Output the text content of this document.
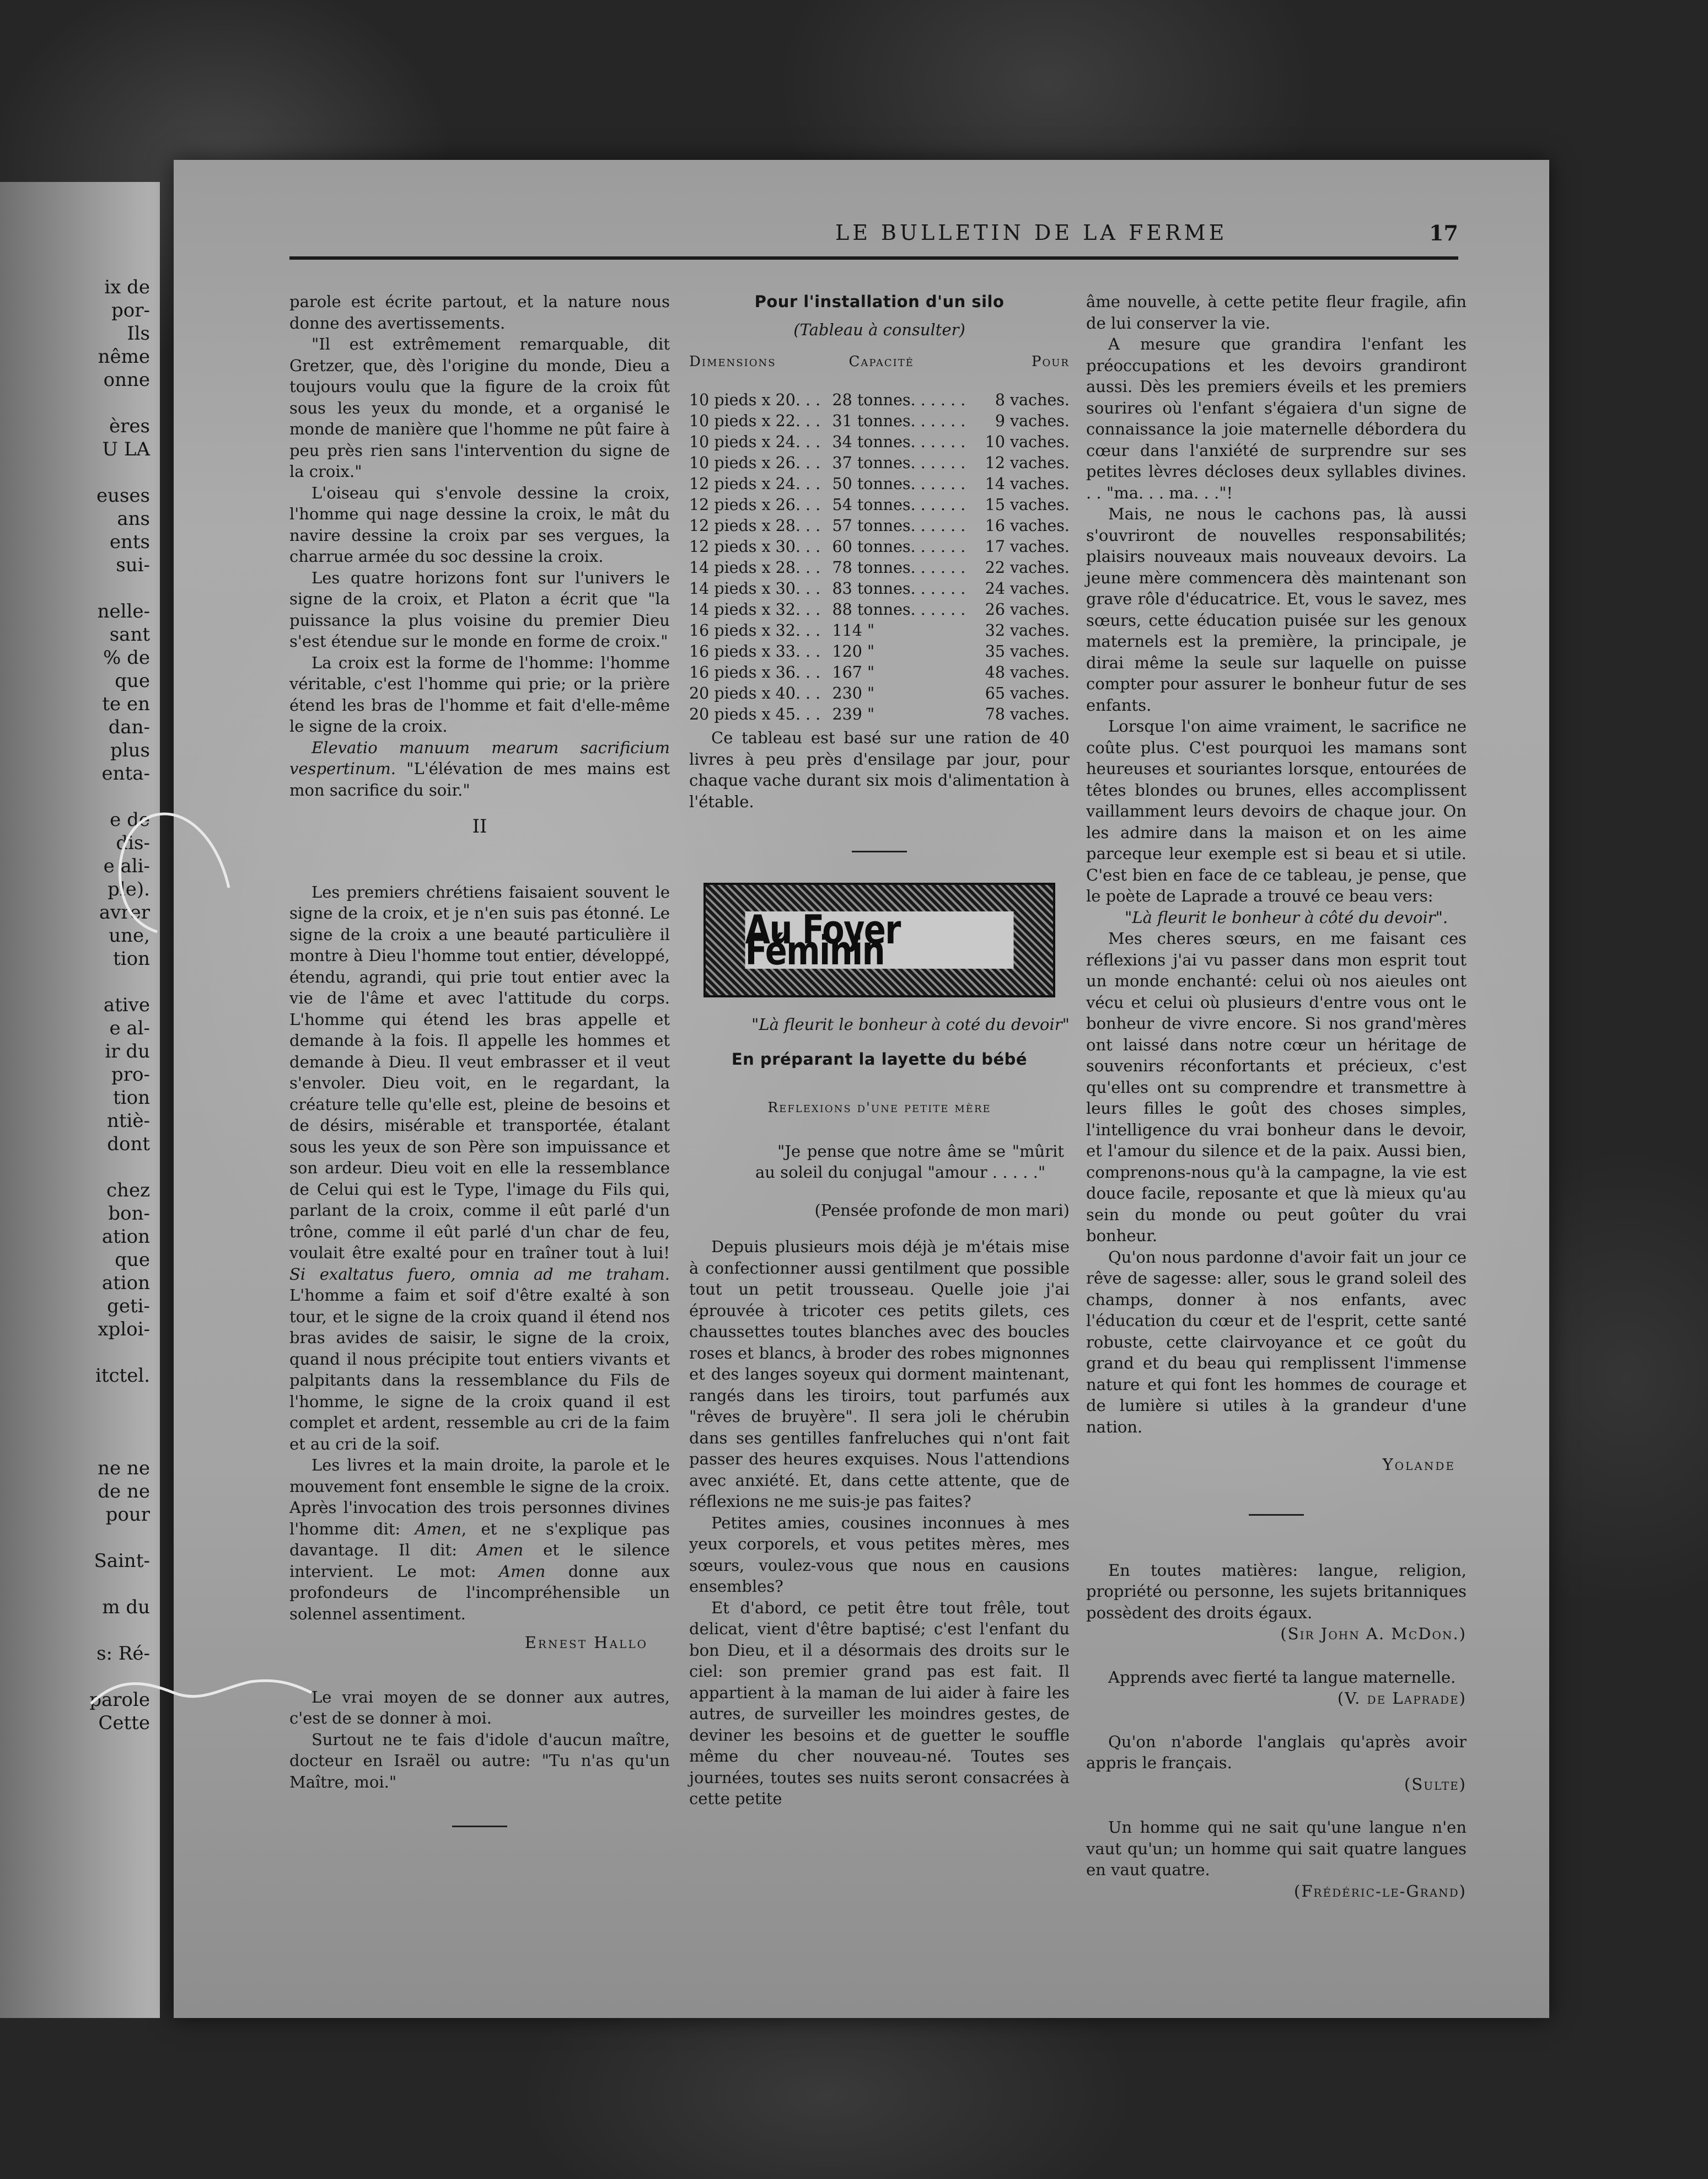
ix de
por-
Ils
nême
onne

ères
U LA

euses
ans
ents
sui-

nelle-
sant
% de
que
te en
dan-
plus
enta-

e de
dis-
e ali-
ple).
avrer
une,
tion

ative
e al-
ir du
pro-
tion
ntiè-
dont

chez
bon-
ation
que
ation
geti-
xploi-

itctel.

ne ne
de ne
pour

Saint-

m du

s: Ré-

parole
Cette
LE BULLETIN DE LA FERME	17

parole est écrite partout, et la nature nous donne des avertissements.

"Il est extrêmement remarquable, dit Gretzer, que, dès l'origine du monde, Dieu a toujours voulu que la figure de la croix fût sous les yeux du monde, et a organisé le monde de manière que l'homme ne pût faire à peu près rien sans l'intervention du signe de la croix."

L'oiseau qui s'envole dessine la croix, l'homme qui nage dessine la croix, le mât du navire dessine la croix par ses vergues, la charrue armée du soc dessine la croix.

Les quatre horizons font sur l'univers le signe de la croix, et Platon a écrit que "la puissance la plus voisine du premier Dieu s'est étendue sur le monde en forme de croix."

La croix est la forme de l'homme: l'homme véritable, c'est l'homme qui prie; or la prière étend les bras de l'homme et fait d'elle-même le signe de la croix.

Elevatio manuum mearum sacrificium vespertinum. "L'élévation de mes mains est mon sacrifice du soir."

II

Les premiers chrétiens faisaient souvent le signe de la croix, et je n'en suis pas étonné. Le signe de la croix a une beauté particulière il montre à Dieu l'homme tout entier, développé, étendu, agrandi, qui prie tout entier avec la vie de l'âme et avec l'attitude du corps. L'homme qui étend les bras appelle et demande à la fois. Il appelle les hommes et demande à Dieu. Il veut embrasser et il veut s'envoler. Dieu voit, en le regardant, la créature telle qu'elle est, pleine de besoins et de désirs, misérable et transportée, étalant sous les yeux de son Père son impuissance et son ardeur. Dieu voit en elle la ressemblance de Celui qui est le Type, l'image du Fils qui, parlant de la croix, comme il eût parlé d'un trône, comme il eût parlé d'un char de feu, voulait être exalté pour en traîner tout à lui! Si exaltatus fuero, omnia ad me traham. L'homme a faim et soif d'être exalté à son tour, et le signe de la croix quand il étend nos bras avides de saisir, le signe de la croix, quand il nous précipite tout entiers vivants et palpitants dans la ressemblance du Fils de l'homme, le signe de la croix quand il est complet et ardent, ressemble au cri de la faim et au cri de la soif.

Les livres et la main droite, la parole et le mouvement font ensemble le signe de la croix. Après l'invocation des trois personnes divines l'homme dit: Amen, et ne s'explique pas davantage. Il dit: Amen et le silence intervient. Le mot: Amen donne aux profondeurs de l'incompréhensible un solennel assentiment.

Ernest Hallo

Le vrai moyen de se donner aux autres, c'est de se donner à moi.

Surtout ne te fais d'idole d'aucun maître, docteur en Israël ou autre: "Tu n'as qu'un Maître, moi."

Pour l'installation d'un silo
(Tableau à consulter)
Dimensions	Capacité	Pour
10 pieds x 20. . .	28 tonnes. . . . . .	8 vaches.
10 pieds x 22. . .	31 tonnes. . . . . .	9 vaches.
10 pieds x 24. . .	34 tonnes. . . . . .	10 vaches.
10 pieds x 26. . .	37 tonnes. . . . . .	12 vaches.
12 pieds x 24. . .	50 tonnes. . . . . .	14 vaches.
12 pieds x 26. . .	54 tonnes. . . . . .	15 vaches.
12 pieds x 28. . .	57 tonnes. . . . . .	16 vaches.
12 pieds x 30. . .	60 tonnes. . . . . .	17 vaches.
14 pieds x 28. . .	78 tonnes. . . . . .	22 vaches.
14 pieds x 30. . .	83 tonnes. . . . . .	24 vaches.
14 pieds x 32. . .	88 tonnes. . . . . .	26 vaches.
16 pieds x 32. . .	114 "	32 vaches.
16 pieds x 33. . .	120 "	35 vaches.
16 pieds x 36. . .	167 "	48 vaches.
20 pieds x 40. . .	230 "	65 vaches.
20 pieds x 45. . .	239 "	78 vaches.

Ce tableau est basé sur une ration de 40 livres à peu près d'ensilage par jour, pour chaque vache durant six mois d'alimentation à l'étable.

Au Foyer Féminin
"Là fleurit le bonheur à coté du devoir"
En préparant la layette du bébé
Reflexions d'une petite mère

"Je pense que notre âme se "mûrit au soleil du conjugal "amour . . . . ."

(Pensée profonde de mon mari)

Depuis plusieurs mois déjà je m'étais mise à confectionner aussi gentilment que possible tout un petit trousseau. Quelle joie j'ai éprouvée à tricoter ces petits gilets, ces chaussettes toutes blanches avec des boucles roses et blancs, à broder des robes mignonnes et des langes soyeux qui dorment maintenant, rangés dans les tiroirs, tout parfumés aux "rêves de bruyère". Il sera joli le chérubin dans ses gentilles fanfreluches qui n'ont fait passer des heures exquises. Nous l'attendions avec anxiété. Et, dans cette attente, que de réflexions ne me suis-je pas faites?

Petites amies, cousines inconnues à mes yeux corporels, et vous petites mères, mes sœurs, voulez-vous que nous en causions ensembles?

Et d'abord, ce petit être tout frêle, tout delicat, vient d'être baptisé; c'est l'enfant du bon Dieu, et il a désormais des droits sur le ciel: son premier grand pas est fait. Il appartient à la maman de lui aider à faire les autres, de surveiller les moindres gestes, de deviner les besoins et de guetter le souffle même du cher nouveau-né. Toutes ses journées, toutes ses nuits seront consacrées à cette petite

âme nouvelle, à cette petite fleur fragile, afin de lui conserver la vie.

A mesure que grandira l'enfant les préoccupations et les devoirs grandiront aussi. Dès les premiers éveils et les premiers sourires où l'enfant s'égaiera d'un signe de connaissance la joie maternelle débordera du cœur dans l'anxiété de surprendre sur ses petites lèvres décloses deux syllables divines. . . "ma. . . ma. . ."!

Mais, ne nous le cachons pas, là aussi s'ouvriront de nouvelles responsabilités; plaisirs nouveaux mais nouveaux devoirs. La jeune mère commencera dès maintenant son grave rôle d'éducatrice. Et, vous le savez, mes sœurs, cette éducation puisée sur les genoux maternels est la première, la principale, je dirai même la seule sur laquelle on puisse compter pour assurer le bonheur futur de ses enfants.

Lorsque l'on aime vraiment, le sacrifice ne coûte plus. C'est pourquoi les mamans sont heureuses et souriantes lorsque, entourées de têtes blondes ou brunes, elles accomplissent vaillamment leurs devoirs de chaque jour. On les admire dans la maison et on les aime parceque leur exemple est si beau et si utile. C'est bien en face de ce tableau, je pense, que le poète de Laprade a trouvé ce beau vers:

"Là fleurit le bonheur à côté du devoir".

Mes cheres sœurs, en me faisant ces réflexions j'ai vu passer dans mon esprit tout un monde enchanté: celui où nos aieules ont vécu et celui où plusieurs d'entre vous ont le bonheur de vivre encore. Si nos grand'mères ont laissé dans notre cœur un héritage de souvenirs réconfortants et précieux, c'est qu'elles ont su comprendre et transmettre à leurs filles le goût des choses simples, l'intelligence du vrai bonheur dans le devoir, et l'amour du silence et de la paix. Aussi bien, comprenons-nous qu'à la campagne, la vie est douce facile, reposante et que là mieux qu'au sein du monde ou peut goûter du vrai bonheur.

Qu'on nous pardonne d'avoir fait un jour ce rêve de sagesse: aller, sous le grand soleil des champs, donner à nos enfants, avec l'éducation du cœur et de l'esprit, cette santé robuste, cette clairvoyance et ce goût du grand et du beau qui remplissent l'immense nature et qui font les hommes de courage et de lumière si utiles à la grandeur d'une nation.

Yolande

En toutes matières: langue, religion, propriété ou personne, les sujets britanniques possèdent des droits égaux.

(Sir John A. McDon.)

Apprends avec fierté ta langue maternelle.

(V. de Laprade)

Qu'on n'aborde l'anglais qu'après avoir appris le français.

(Sulte)

Un homme qui ne sait qu'une langue n'en vaut qu'un; un homme qui sait quatre langues en vaut quatre.

(Frédéric-le-Grand)
